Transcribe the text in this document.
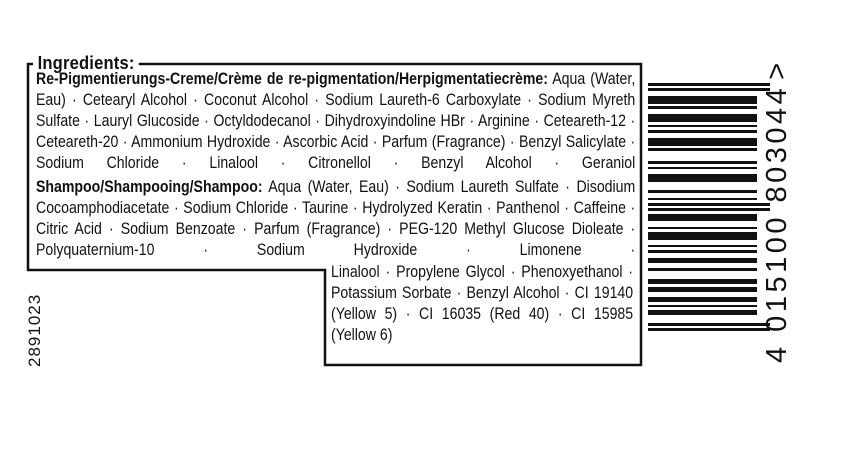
Ingredients:
Re-Pigmentierungs-Creme/Crème de re-pigmentation/Herpigmentatiecrème: Aqua (Water, Eau) · Cetearyl Alcohol · Coconut Alcohol · Sodium Laureth-6 Carboxylate · Sodium Myreth Sulfate · Lauryl Glucoside · Octyldodecanol · Dihydroxyindoline HBr · Arginine · Ceteareth-12 · Ceteareth-20 · Ammonium Hydroxide · Ascorbic Acid · Parfum (Fragrance) · Benzyl Salicylate · Sodium Chloride · Linalool · Citronellol · Benzyl Alcohol · Geraniol
Shampoo/Shampooing/Shampoo: Aqua (Water, Eau) · Sodium Laureth Sulfate · Disodium Cocoamphodiacetate · Sodium Chloride · Taurine · Hydrolyzed Keratin · Panthenol · Caffeine · Citric Acid · Sodium Benzoate · Parfum (Fragrance) · PEG-120 Methyl Glucose Dioleate · Polyquaternium-10 · Sodium Hydroxide · Limonene ·
Linalool · Propylene Glycol · Phenoxyethanol · Potassium Sorbate · Benzyl Alcohol · CI 19140 (Yellow 5) · CI 16035 (Red 40) · CI 15985 (Yellow 6)
2891023	4 015100 803044>
